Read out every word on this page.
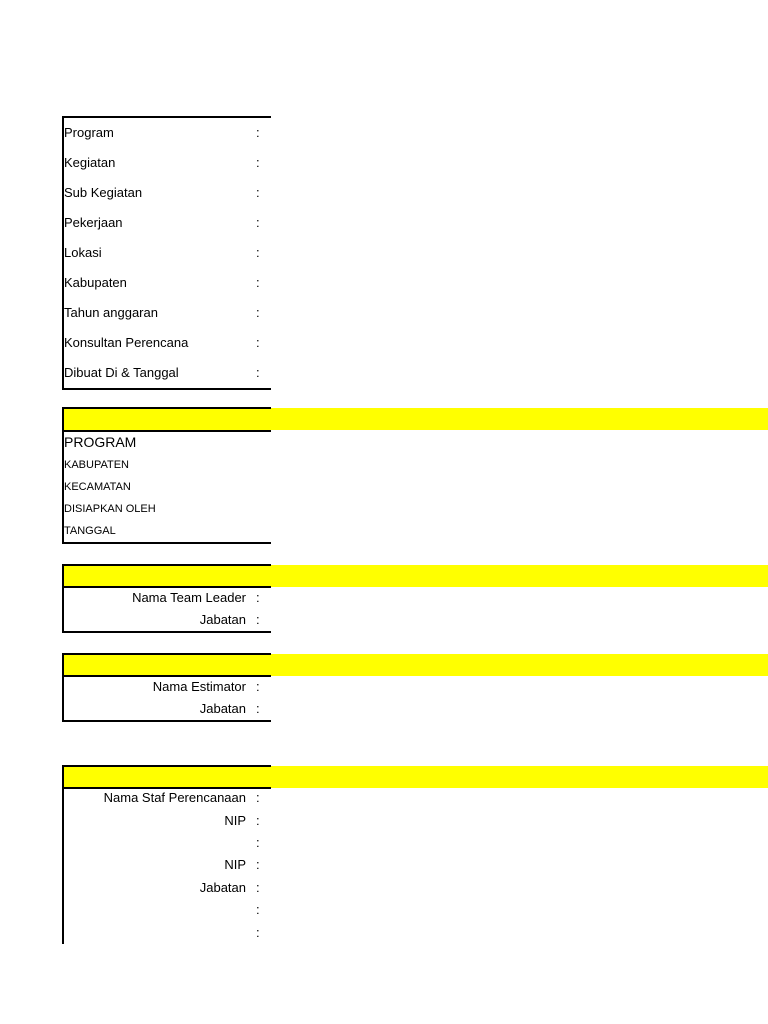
Program	:
Kegiatan	:
Sub Kegiatan	:
Pekerjaan	:
Lokasi	:
Kabupaten	:
Tahun anggaran	:
Konsultan Perencana	:
Dibuat Di & Tanggal	:
PROGRAM
KABUPATEN
KECAMATAN
DISIAPKAN OLEH
TANGGAL
Nama Team Leader :
Jabatan :
Nama Estimator :
Jabatan :
Nama Staf Perencanaan :
NIP :
:
NIP :
Jabatan :
:
:
